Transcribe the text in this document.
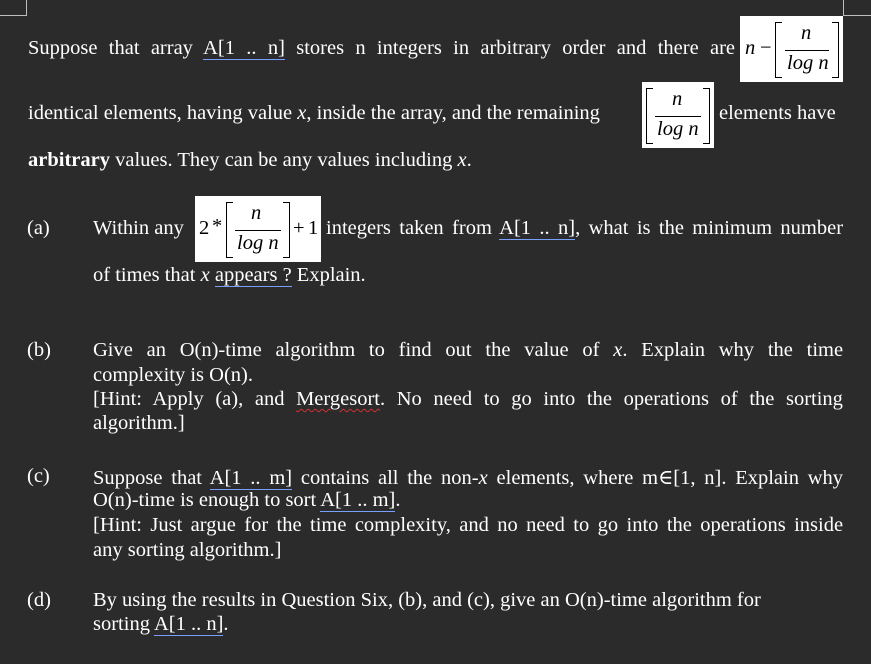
Suppose that array A[1 .. n] stores n integers in arbitrary order and there are n −
n
log n
identical elements, having value x, inside the array, and the remaining
n
log n
elements have
arbitrary values. They can be any values including x.
(a) Within any 2 *
n
log n
+ 1 integers taken from A[1 .. n], what is the minimum number
of times that x appears ? Explain.
(b) Give an O(n)-time algorithm to find out the value of x. Explain why the time
complexity is O(n).
[Hint: Apply (a), and Mergesort. No need to go into the operations of the sorting
algorithm.]
(c) Suppose that A[1 .. m] contains all the non-x elements, where m∈[1, n]. Explain why
O(n)-time is enough to sort A[1 .. m].
[Hint: Just argue for the time complexity, and no need to go into the operations inside
any sorting algorithm.]
(d) By using the results in Question Six, (b), and (c), give an O(n)-time algorithm for
sorting A[1 .. n].
